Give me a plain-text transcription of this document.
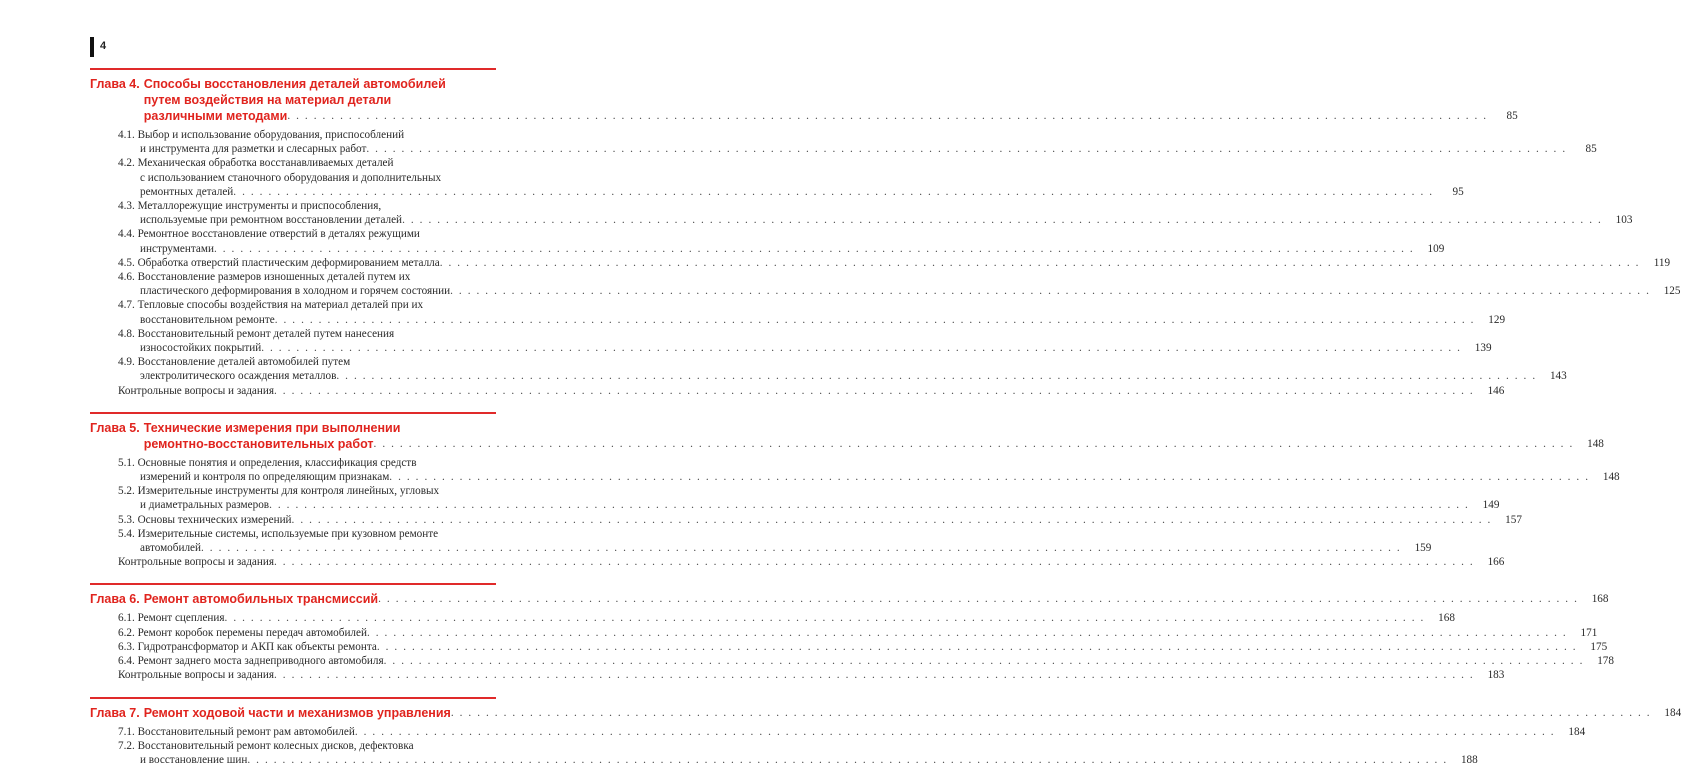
4
Глава 4. Способы восстановления деталей автомобилей
путем воздействия на материал детали
различными методами . . .	85
4.1. Выбор и использование оборудования, приспособлений
и инструмента для разметки и слесарных работ . . .	85
4.2. Механическая обработка восстанавливаемых деталей
с использованием станочного оборудования и дополнительных
ремонтных деталей . . .	95
4.3. Металлорежущие инструменты и приспособления,
используемые при ремонтном восстановлении деталей . . .	103
4.4. Ремонтное восстановление отверстий в деталях режущими
инструментами . . .	109
4.5. Обработка отверстий пластическим деформированием металла . . .	119
4.6. Восстановление размеров изношенных деталей путем их
пластического деформирования в холодном и горячем состоянии . . .	125
4.7. Тепловые способы воздействия на материал деталей при их
восстановительном ремонте . . .	129
4.8. Восстановительный ремонт деталей путем нанесения
износостойких покрытий . . .	139
4.9. Восстановление деталей автомобилей путем
электролитического осаждения металлов . . .	143
Контрольные вопросы и задания . . .	146
Глава 5. Технические измерения при выполнении
ремонтно-восстановительных работ . . .	148
5.1. Основные понятия и определения, классификация средств
измерений и контроля по определяющим признакам . . .	148
5.2. Измерительные инструменты для контроля линейных, угловых
и диаметральных размеров . . .	149
5.3. Основы технических измерений . . .	157
5.4. Измерительные системы, используемые при кузовном ремонте
автомобилей . . .	159
Контрольные вопросы и задания . . .	166
Глава 6. Ремонт автомобильных трансмиссий . . .	168
6.1. Ремонт сцепления . . .	168
6.2. Ремонт коробок перемены передач автомобилей . . .	171
6.3. Гидротрансформатор и АКП как объекты ремонта . . .	175
6.4. Ремонт заднего моста заднеприводного автомобиля . . .	178
Контрольные вопросы и задания . . .	183
Глава 7. Ремонт ходовой части и механизмов управления . . .	184
7.1. Восстановительный ремонт рам автомобилей . . .	184
7.2. Восстановительный ремонт колесных дисков, дефектовка
и восстановление шин . . .	188
